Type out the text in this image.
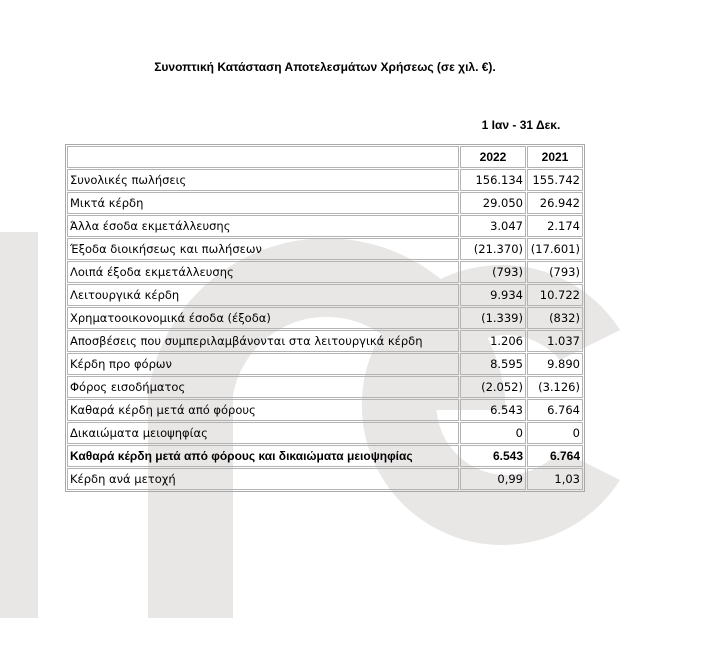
Συνοπτική Κατάσταση Αποτελεσμάτων Χρήσεως (σε χιλ. €).
1 Ιαν - 31 Δεκ.
	2022	2021
Συνολικές πωλήσεις	156.134	155.742
Μικτά κέρδη	29.050	26.942
Άλλα έσοδα εκμετάλλευσης	3.047	2.174
Έξοδα διοικήσεως και πωλήσεων	(21.370)	(17.601)
Λοιπά έξοδα εκμετάλλευσης	(793)	(793)
Λειτουργικά κέρδη	9.934	10.722
Χρηματοοικονομικά έσοδα (έξοδα)	(1.339)	(832)
Αποσβέσεις που συμπεριλαμβάνονται στα λειτουργικά κέρδη	1.206	1.037
Κέρδη προ φόρων	8.595	9.890
Φόρος εισοδήματος	(2.052)	(3.126)
Καθαρά κέρδη μετά από φόρους	6.543	6.764
Δικαιώματα μειοψηφίας	0	0
Καθαρά κέρδη μετά από φόρους και δικαιώματα μειοψηφίας	6.543	6.764
Κέρδη ανά μετοχή	0,99	1,03
